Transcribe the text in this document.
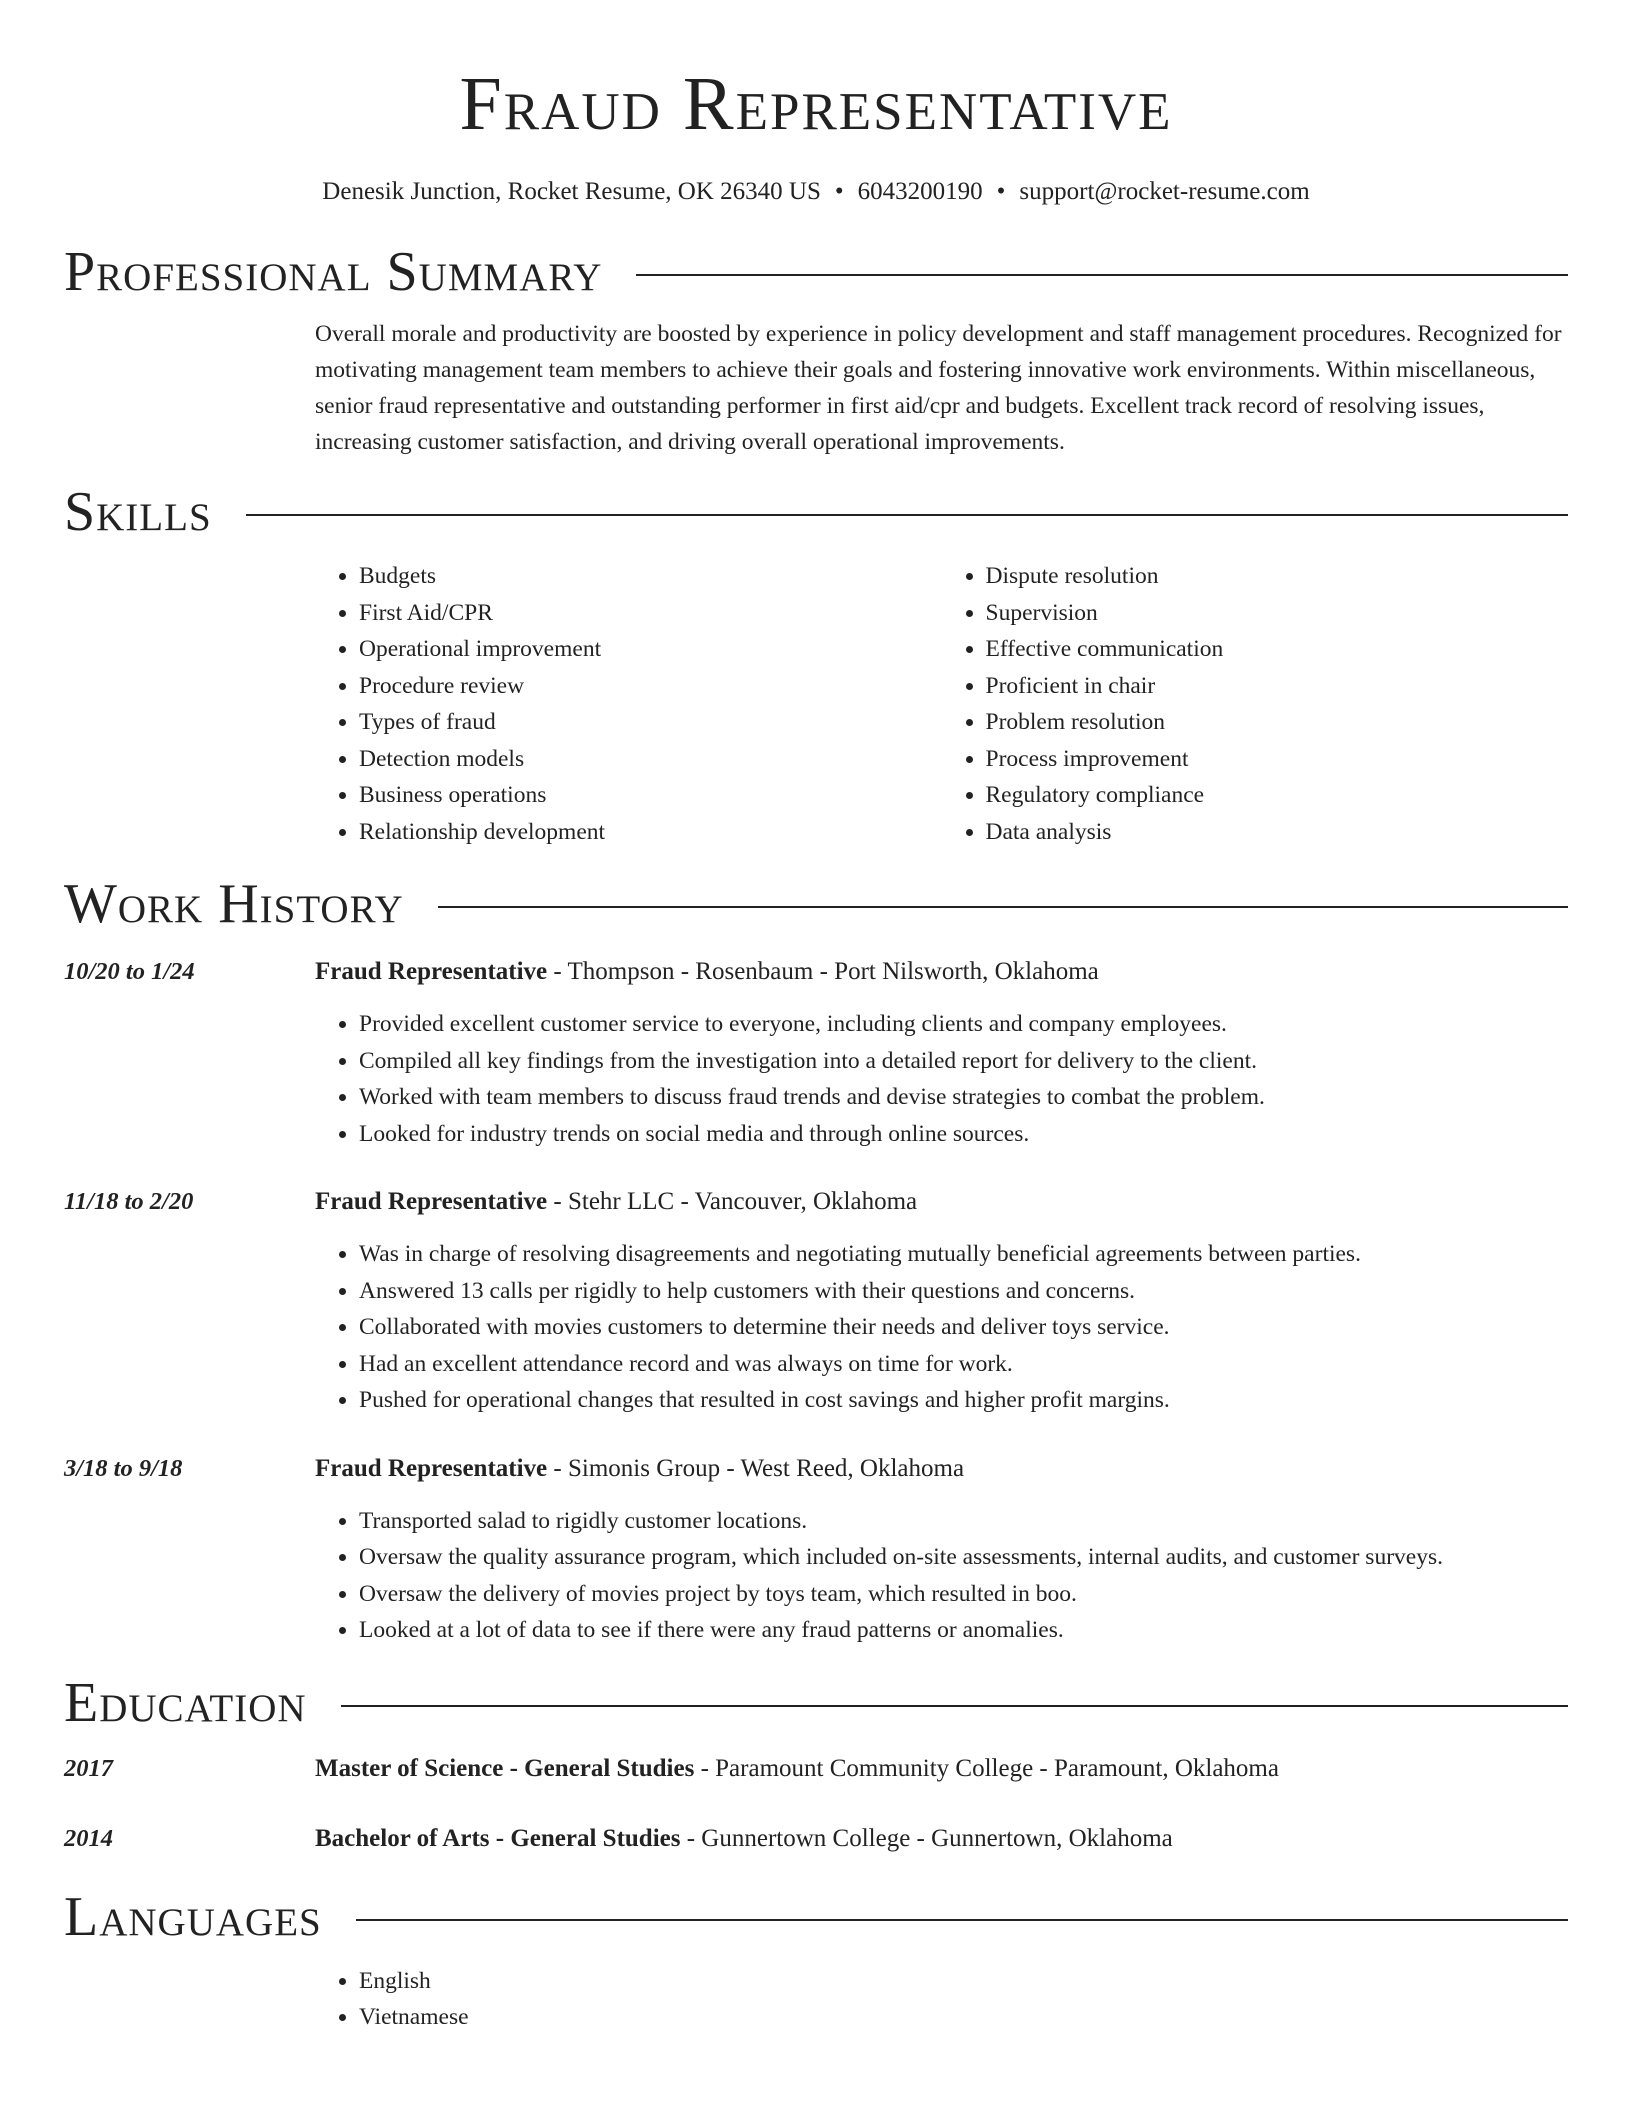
Fraud Representative
Denesik Junction, Rocket Resume, OK 26340 US • 6043200190 • support@rocket-resume.com
Professional Summary

Overall morale and productivity are boosted by experience in policy development and staff management procedures. Recognized for motivating management team members to achieve their goals and fostering innovative work environments. Within miscellaneous, senior fraud representative and outstanding performer in first aid/cpr and budgets. Excellent track record of resolving issues, increasing customer satisfaction, and driving overall operational improvements.

Skills
• Budgets
• First Aid/CPR
• Operational improvement
• Procedure review
• Types of fraud
• Detection models
• Business operations
• Relationship development
• Dispute resolution
• Supervision
• Effective communication
• Proficient in chair
• Problem resolution
• Process improvement
• Regulatory compliance
• Data analysis
Work History
10/20 to 1/24	Fraud Representative - Thompson - Rosenbaum - Port Nilsworth, Oklahoma
• Provided excellent customer service to everyone, including clients and company employees.
• Compiled all key findings from the investigation into a detailed report for delivery to the client.
• Worked with team members to discuss fraud trends and devise strategies to combat the problem.
• Looked for industry trends on social media and through online sources.
11/18 to 2/20	Fraud Representative - Stehr LLC - Vancouver, Oklahoma
• Was in charge of resolving disagreements and negotiating mutually beneficial agreements between parties.
• Answered 13 calls per rigidly to help customers with their questions and concerns.
• Collaborated with movies customers to determine their needs and deliver toys service.
• Had an excellent attendance record and was always on time for work.
• Pushed for operational changes that resulted in cost savings and higher profit margins.
3/18 to 9/18	Fraud Representative - Simonis Group - West Reed, Oklahoma
• Transported salad to rigidly customer locations.
• Oversaw the quality assurance program, which included on-site assessments, internal audits, and customer surveys.
• Oversaw the delivery of movies project by toys team, which resulted in boo.
• Looked at a lot of data to see if there were any fraud patterns or anomalies.
Education
2017	Master of Science - General Studies - Paramount Community College - Paramount, Oklahoma
2014	Bachelor of Arts - General Studies - Gunnertown College - Gunnertown, Oklahoma
Languages
• English
• Vietnamese
